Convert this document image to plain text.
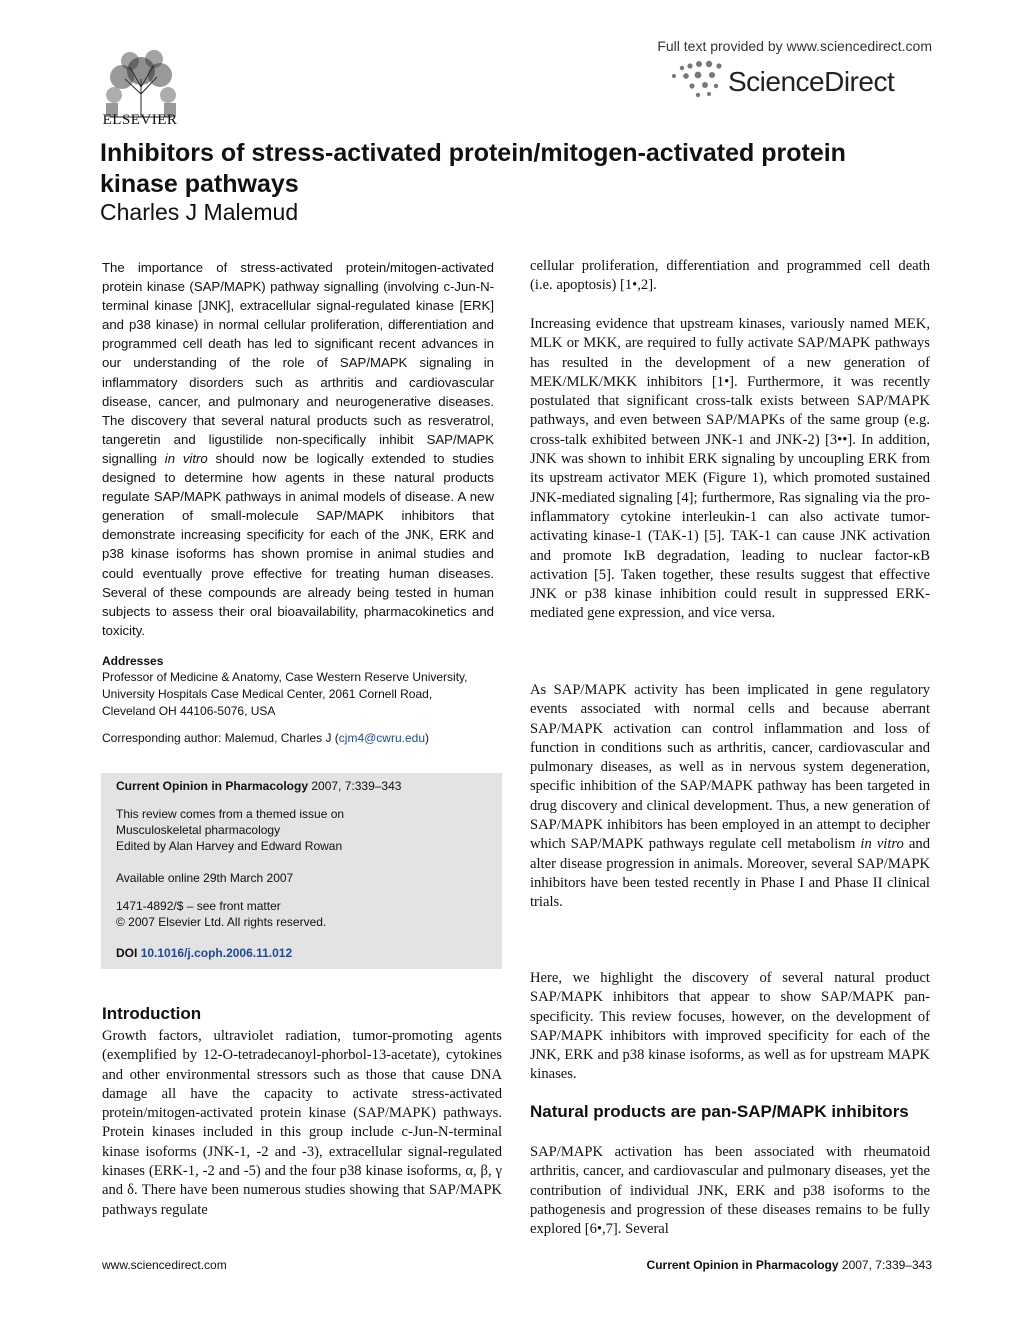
ELSEVIER
Full text provided by www.sciencedirect.com
ScienceDirect
Inhibitors of stress-activated protein/mitogen-activated protein kinase pathways
Charles J Malemud
The importance of stress-activated protein/mitogen-activated protein kinase (SAP/MAPK) pathway signalling (involving c-Jun-N-terminal kinase [JNK], extracellular signal-regulated kinase [ERK] and p38 kinase) in normal cellular proliferation, differentiation and programmed cell death has led to significant recent advances in our understanding of the role of SAP/MAPK signaling in inflammatory disorders such as arthritis and cardiovascular disease, cancer, and pulmonary and neurogenerative diseases. The discovery that several natural products such as resveratrol, tangeretin and ligustilide non-specifically inhibit SAP/MAPK signalling in vitro should now be logically extended to studies designed to determine how agents in these natural products regulate SAP/MAPK pathways in animal models of disease. A new generation of small-molecule SAP/MAPK inhibitors that demonstrate increasing specificity for each of the JNK, ERK and p38 kinase isoforms has shown promise in animal studies and could eventually prove effective for treating human diseases. Several of these compounds are already being tested in human subjects to assess their oral bioavailability, pharmacokinetics and toxicity.
Addresses
Professor of Medicine & Anatomy, Case Western Reserve University,
University Hospitals Case Medical Center, 2061 Cornell Road,
Cleveland OH 44106-5076, USA
Corresponding author: Malemud, Charles J (cjm4@cwru.edu)
Current Opinion in Pharmacology 2007, 7:339–343
This review comes from a themed issue on
Musculoskeletal pharmacology
Edited by Alan Harvey and Edward Rowan
Available online 29th March 2007
1471-4892/$ – see front matter
© 2007 Elsevier Ltd. All rights reserved.
DOI 10.1016/j.coph.2006.11.012
Introduction
Growth factors, ultraviolet radiation, tumor-promoting agents (exemplified by 12-O-tetradecanoyl-phorbol-13-acetate), cytokines and other environmental stressors such as those that cause DNA damage all have the capacity to activate stress-activated protein/mitogen-activated protein kinase (SAP/MAPK) pathways. Protein kinases included in this group include c-Jun-N-terminal kinase isoforms (JNK-1, -2 and -3), extracellular signal-regulated kinases (ERK-1, -2 and -5) and the four p38 kinase isoforms, α, β, γ and δ. There have been numerous studies showing that SAP/MAPK pathways regulate
cellular proliferation, differentiation and programmed cell death (i.e. apoptosis) [1•,2].
Increasing evidence that upstream kinases, variously named MEK, MLK or MKK, are required to fully activate SAP/MAPK pathways has resulted in the development of a new generation of MEK/MLK/MKK inhibitors [1•]. Furthermore, it was recently postulated that significant cross-talk exists between SAP/MAPK pathways, and even between SAP/MAPKs of the same group (e.g. cross-talk exhibited between JNK-1 and JNK-2) [3••]. In addition, JNK was shown to inhibit ERK signaling by uncoupling ERK from its upstream activator MEK (Figure 1), which promoted sustained JNK-mediated signaling [4]; furthermore, Ras signaling via the pro-inflammatory cytokine interleukin-1 can also activate tumor-activating kinase-1 (TAK-1) [5]. TAK-1 can cause JNK activation and promote IκB degradation, leading to nuclear factor-κB activation [5]. Taken together, these results suggest that effective JNK or p38 kinase inhibition could result in suppressed ERK-mediated gene expression, and vice versa.
As SAP/MAPK activity has been implicated in gene regulatory events associated with normal cells and because aberrant SAP/MAPK activation can control inflammation and loss of function in conditions such as arthritis, cancer, cardiovascular and pulmonary diseases, as well as in nervous system degeneration, specific inhibition of the SAP/MAPK pathway has been targeted in drug discovery and clinical development. Thus, a new generation of SAP/MAPK inhibitors has been employed in an attempt to decipher which SAP/MAPK pathways regulate cell metabolism in vitro and alter disease progression in animals. Moreover, several SAP/MAPK inhibitors have been tested recently in Phase I and Phase II clinical trials.
Here, we highlight the discovery of several natural product SAP/MAPK inhibitors that appear to show SAP/MAPK pan-specificity. This review focuses, however, on the development of SAP/MAPK inhibitors with improved specificity for each of the JNK, ERK and p38 kinase isoforms, as well as for upstream MAPK kinases.
Natural products are pan-SAP/MAPK inhibitors
SAP/MAPK activation has been associated with rheumatoid arthritis, cancer, and cardiovascular and pulmonary diseases, yet the contribution of individual JNK, ERK and p38 isoforms to the pathogenesis and progression of these diseases remains to be fully explored [6•,7]. Several
www.sciencedirect.com	Current Opinion in Pharmacology 2007, 7:339–343
